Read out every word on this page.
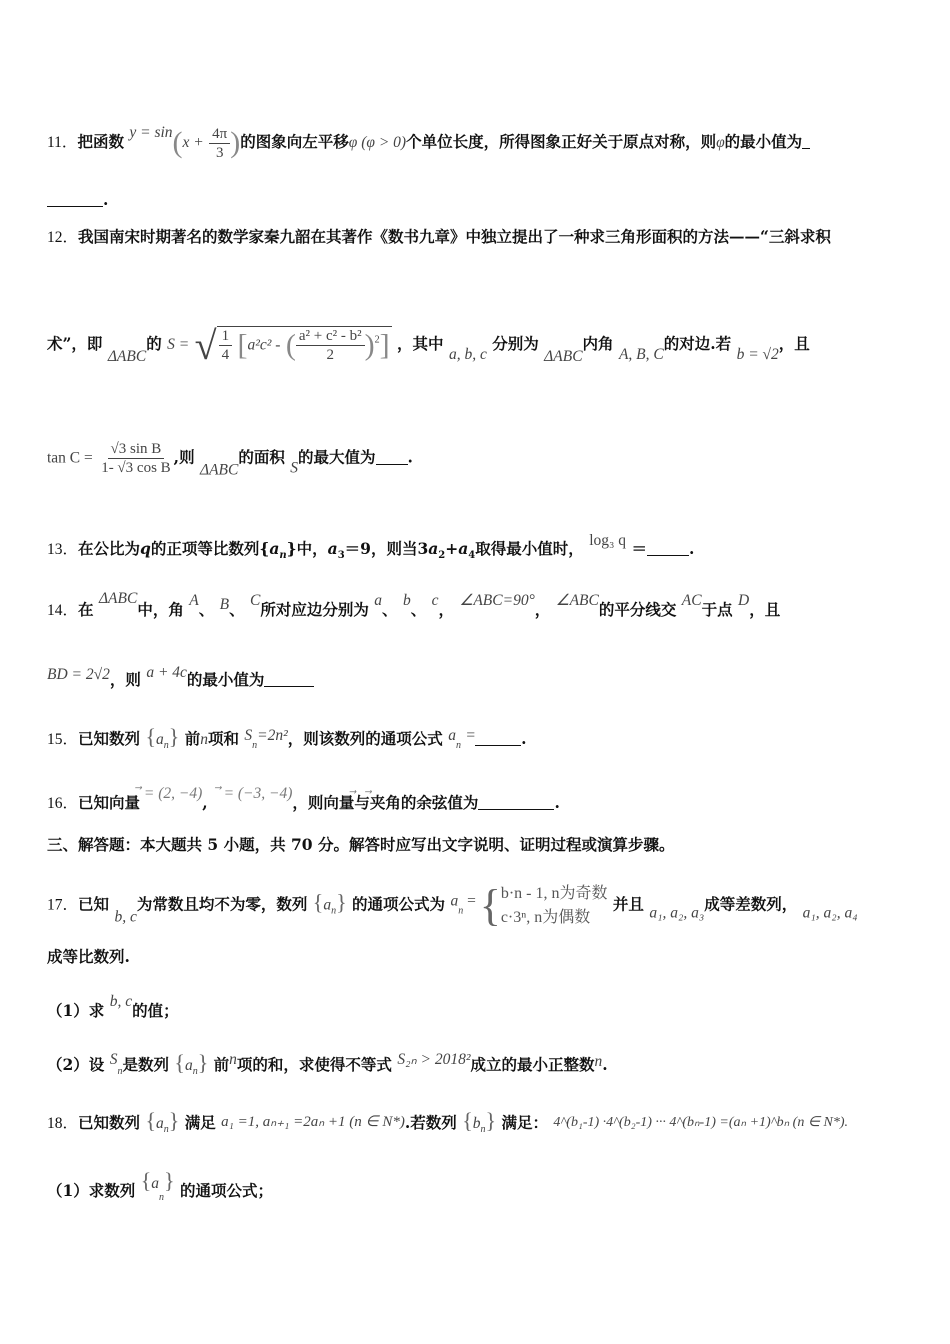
11．把函数 $y = \sin(x + \frac{4\pi}{3}$ )的图象向左平移φ (φ > 0)个单位长度，所得图象正好关于原点对称，则φ的最小值为
.
12．我国南宋时期著名的数学家秦九韶在其著作《数书九章》中独立提出了一种求三角形面积的方法——“三斜求积
术”，即 ΔABC的 S = √ $\frac{1}{4} [a^2c^2$ - ( $\frac{\text{a² + c² - b²}}{2} )^2$] ，其中 a, b, c 分别为 ΔABC内角 A, B, C的对边.若 b = √2，且
$\tan C = \frac{\text{√3 sin B}}{\text{1- √3 cos B}}$ ,则 ΔABC的面积 S的最大值为 .
13．在公比为q的正项等比数列$\{a_n\}$中，$a_3=9$，则当$3a_2+a_4$取得最小值时， log₃ q ＝	.
14．在 ΔABC中，角 A、 B、 C所对应边分别为 a、 b、 c， ∠ABC=90°， ∠ABC的平分线交 AC于点 D，且
BD = 2√2，则 a + 4c的最小值为
15．已知数列 $\{a_n\}$ 前n项和 $S_n=2n^2$，则该数列的通项公式 $a_n$ =	.
16．已知向量⃗ = (2, −4), ⃗ = (−3, −4)，则向量与夹角的余弦值为	.
三、解答题：本大题共 5 小题，共 70 分。解答时应写出文字说明、证明过程或演算步骤。
17．已知 b, c为常数且均不为零，数列 $\{a_n\}$ 的通项公式为 $a_n$ = { b·n - 1, n为奇数
c·3ⁿ, n为偶数
并且 a₁, a₂, a₃成等差数列， a₁, a₂, a₄
成等比数列.
（1）求 b, c的值；
（2）设 $S_n$是数列 $\{a_n\}$ 前n项的和，求使得不等式 S₂ₙ > 2018²成立的最小正整数n.
18．已知数列 $\{a_n\}$ 满足 a₁ =1, aₙ₊₁ =2aₙ +1 (n ∈ N*).若数列 $\{b_n\}$ 满足： 4^(b₁-1) ·4^(b₂-1) ··· 4^(bₙ-1) =(aₙ +1)^bₙ (n ∈ N*).
（1）求数列 $\{a_n\}$ 的通项公式；
